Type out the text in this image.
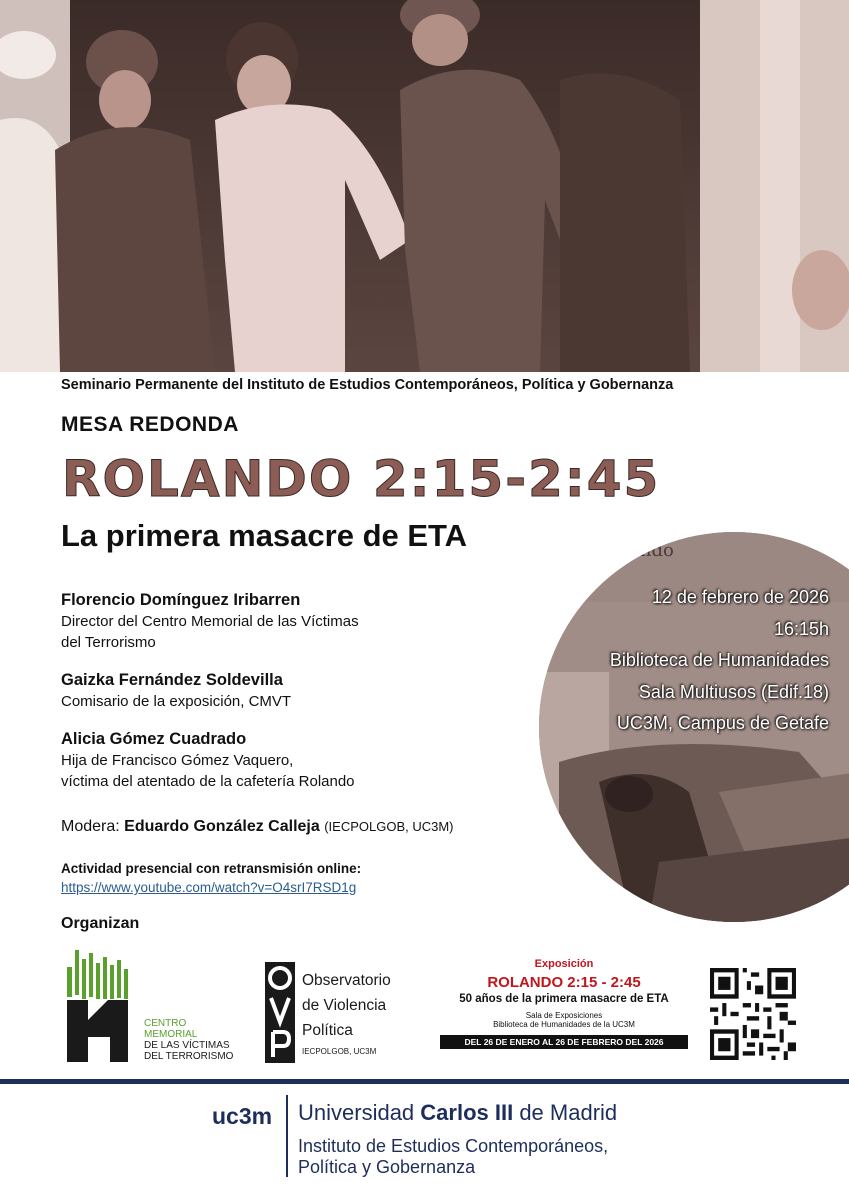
Seminario Permanente del Instituto de Estudios Contemporáneos, Política y Gobernanza
MESA REDONDA
ROLANDO 2:15-2:45
La primera masacre de ETA
Florencio Domínguez Iribarren
Director del Centro Memorial de las Víctimas
del Terrorismo
Gaizka Fernández Soldevilla
Comisario de la exposición, CMVT
Alicia Gómez Cuadrado
Hija de Francisco Gómez Vaquero,
víctima del atentado de la cafetería Rolando
Modera: Eduardo González Calleja (IECPOLGOB, UC3M)
Actividad presencial con retransmisión online:
https://www.youtube.com/watch?v=O4srI7RSD1g
Organizan
Rolando
12 de febrero de 2026
16:15h
Biblioteca de Humanidades
Sala Multiusos (Edif.18)
UC3M, Campus de Getafe
CENTRO
MEMORIAL
DE LAS VÍCTIMAS
DEL TERRORISMO
Observatorio
de Violencia
Política
IECPOLGOB, UC3M
Exposición
ROLANDO 2:15 - 2:45
50 años de la primera masacre de ETA
Sala de Exposiciones
Biblioteca de Humanidades de la UC3M
DEL 26 DE ENERO AL 26 DE FEBRERO DEL 2026
uc3m Universidad Carlos III de Madrid
Instituto de Estudios Contemporáneos,
Política y Gobernanza
